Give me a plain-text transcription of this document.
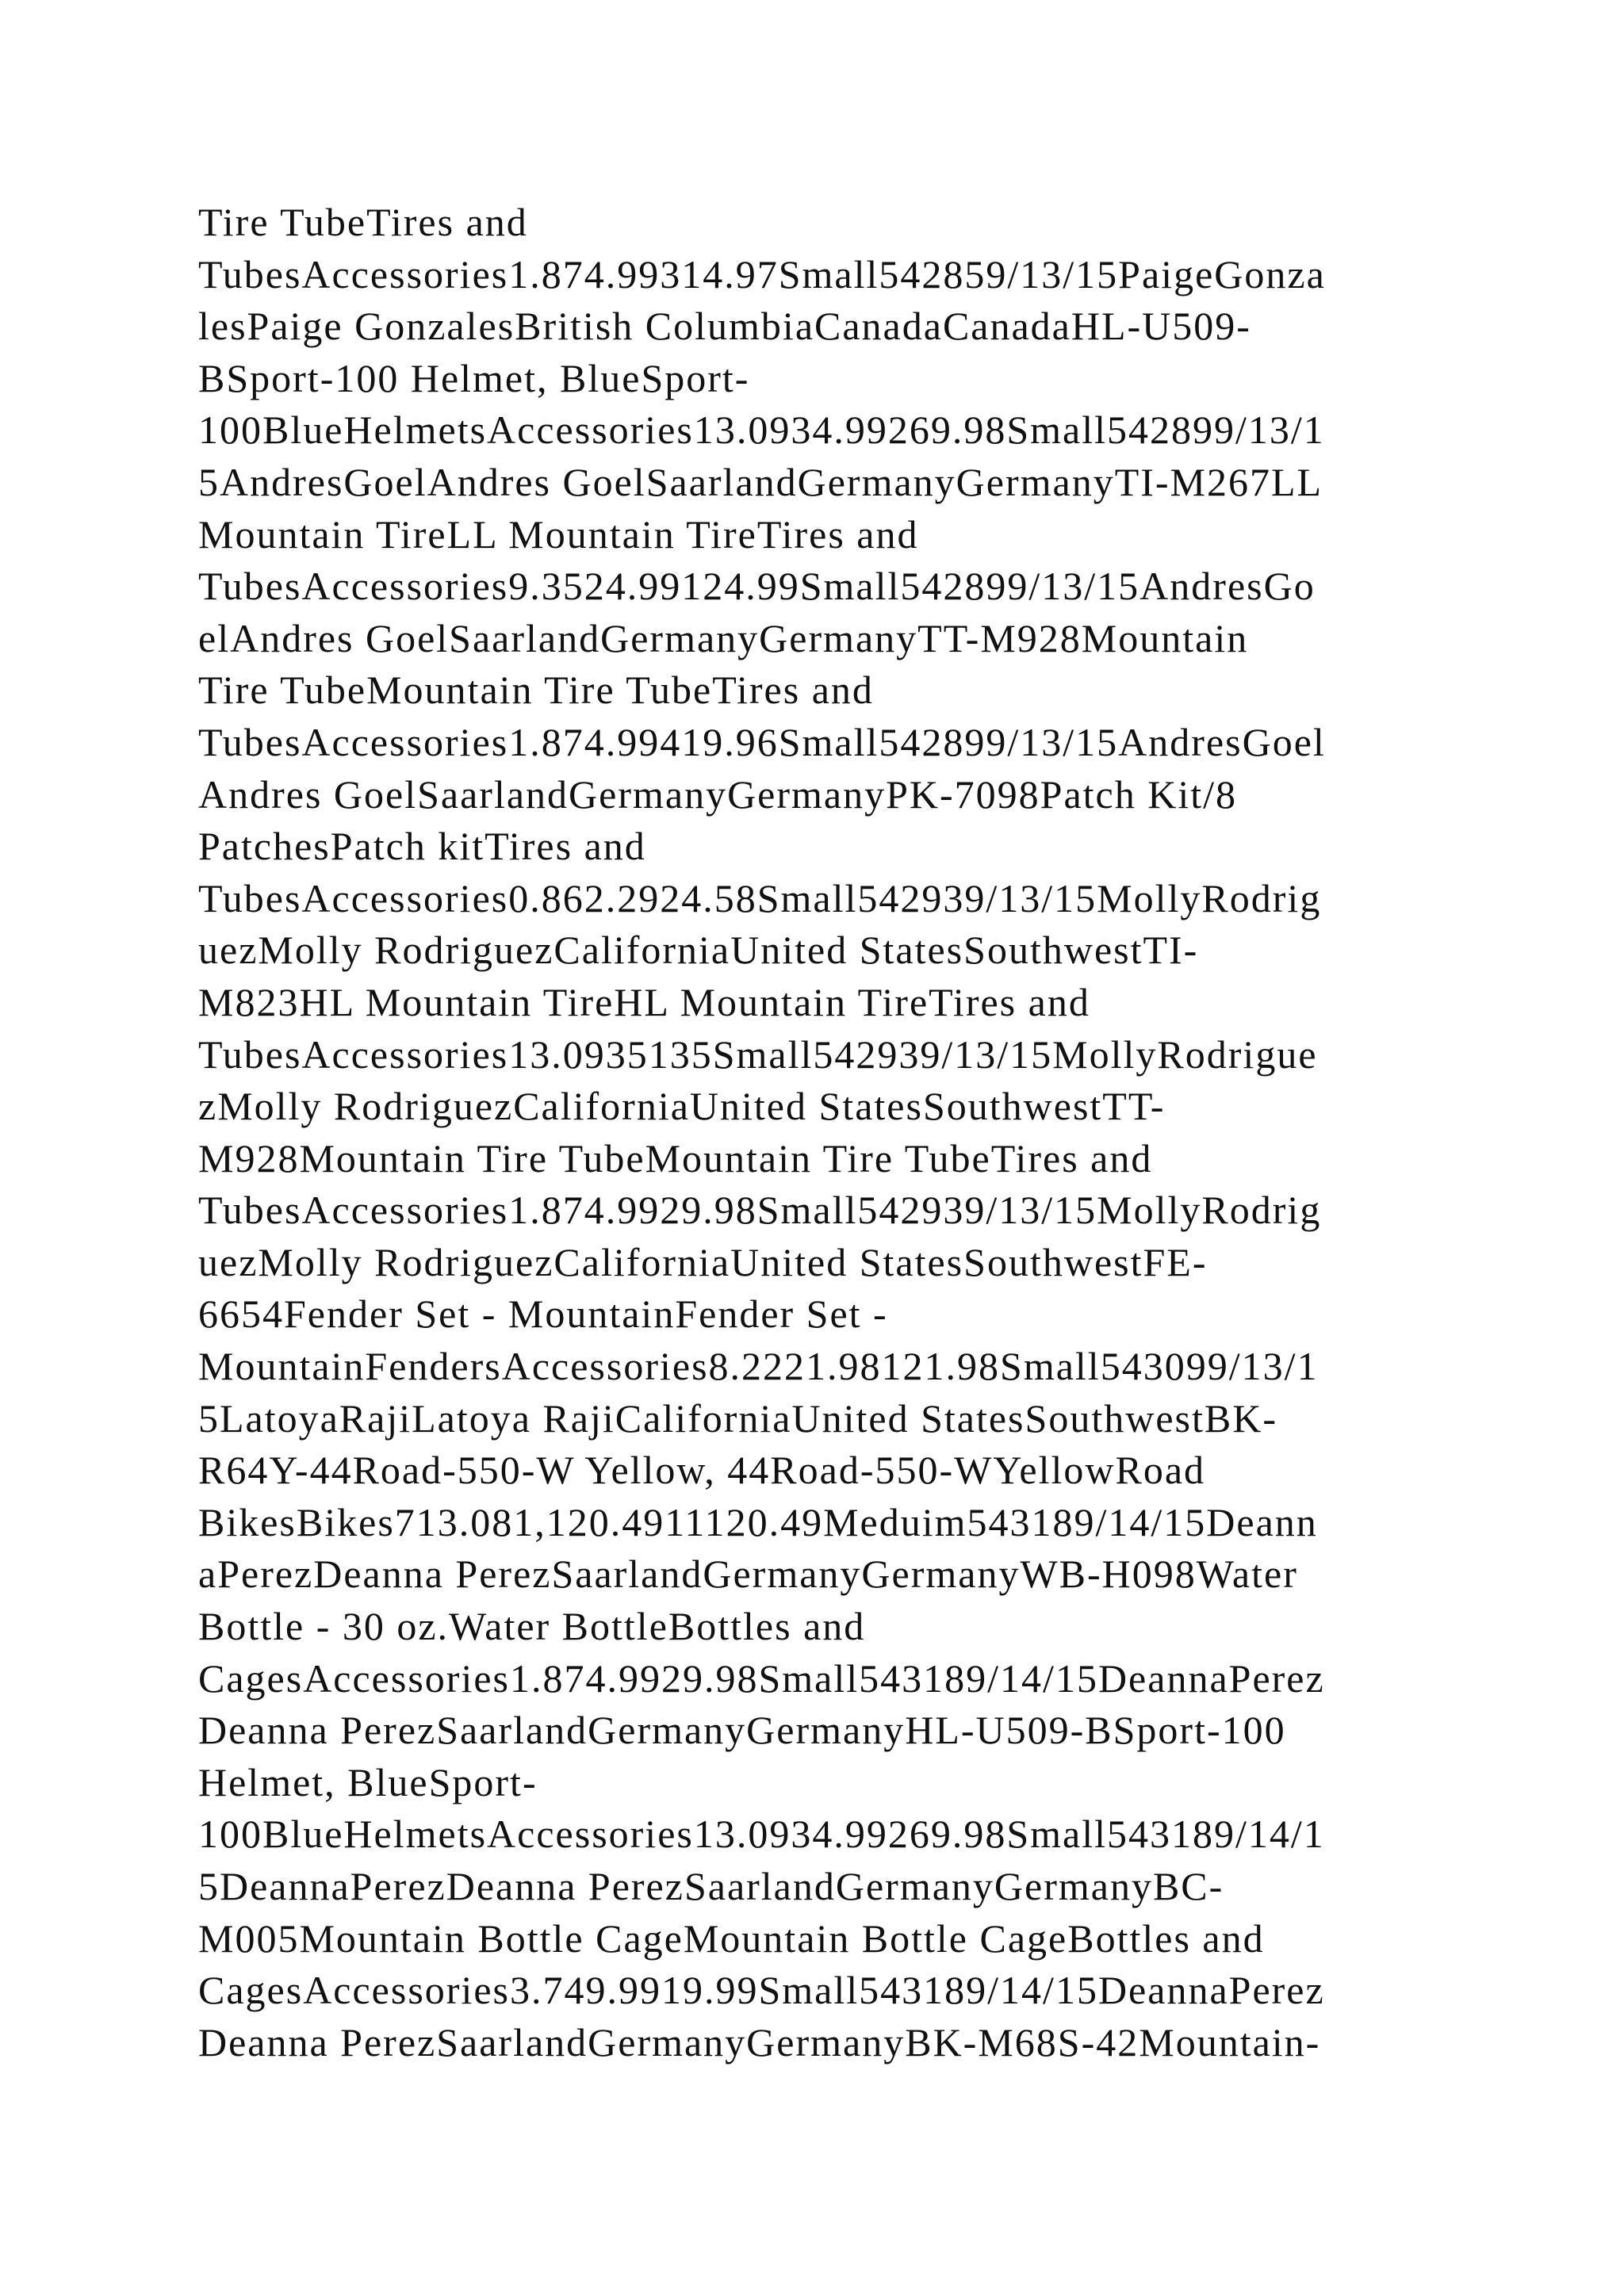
Tire TubeTires and
TubesAccessories1.874.99314.97Small542859/13/15PaigeGonza
lesPaige GonzalesBritish ColumbiaCanadaCanadaHL-U509-
BSport-100 Helmet, BlueSport-
100BlueHelmetsAccessories13.0934.99269.98Small542899/13/1
5AndresGoelAndres GoelSaarlandGermanyGermanyTI-M267LL
Mountain TireLL Mountain TireTires and
TubesAccessories9.3524.99124.99Small542899/13/15AndresGo
elAndres GoelSaarlandGermanyGermanyTT-M928Mountain
Tire TubeMountain Tire TubeTires and
TubesAccessories1.874.99419.96Small542899/13/15AndresGoel
Andres GoelSaarlandGermanyGermanyPK-7098Patch Kit/8
PatchesPatch kitTires and
TubesAccessories0.862.2924.58Small542939/13/15MollyRodrig
uezMolly RodriguezCaliforniaUnited StatesSouthwestTI-
M823HL Mountain TireHL Mountain TireTires and
TubesAccessories13.0935135Small542939/13/15MollyRodrigue
zMolly RodriguezCaliforniaUnited StatesSouthwestTT-
M928Mountain Tire TubeMountain Tire TubeTires and
TubesAccessories1.874.9929.98Small542939/13/15MollyRodrig
uezMolly RodriguezCaliforniaUnited StatesSouthwestFE-
6654Fender Set - MountainFender Set -
MountainFendersAccessories8.2221.98121.98Small543099/13/1
5LatoyaRajiLatoya RajiCaliforniaUnited StatesSouthwestBK-
R64Y-44Road-550-W Yellow, 44Road-550-WYellowRoad
BikesBikes713.081,120.4911120.49Meduim543189/14/15Deann
aPerezDeanna PerezSaarlandGermanyGermanyWB-H098Water
Bottle - 30 oz.Water BottleBottles and
CagesAccessories1.874.9929.98Small543189/14/15DeannaPerez
Deanna PerezSaarlandGermanyGermanyHL-U509-BSport-100
Helmet, BlueSport-
100BlueHelmetsAccessories13.0934.99269.98Small543189/14/1
5DeannaPerezDeanna PerezSaarlandGermanyGermanyBC-
M005Mountain Bottle CageMountain Bottle CageBottles and
CagesAccessories3.749.9919.99Small543189/14/15DeannaPerez
Deanna PerezSaarlandGermanyGermanyBK-M68S-42Mountain-
